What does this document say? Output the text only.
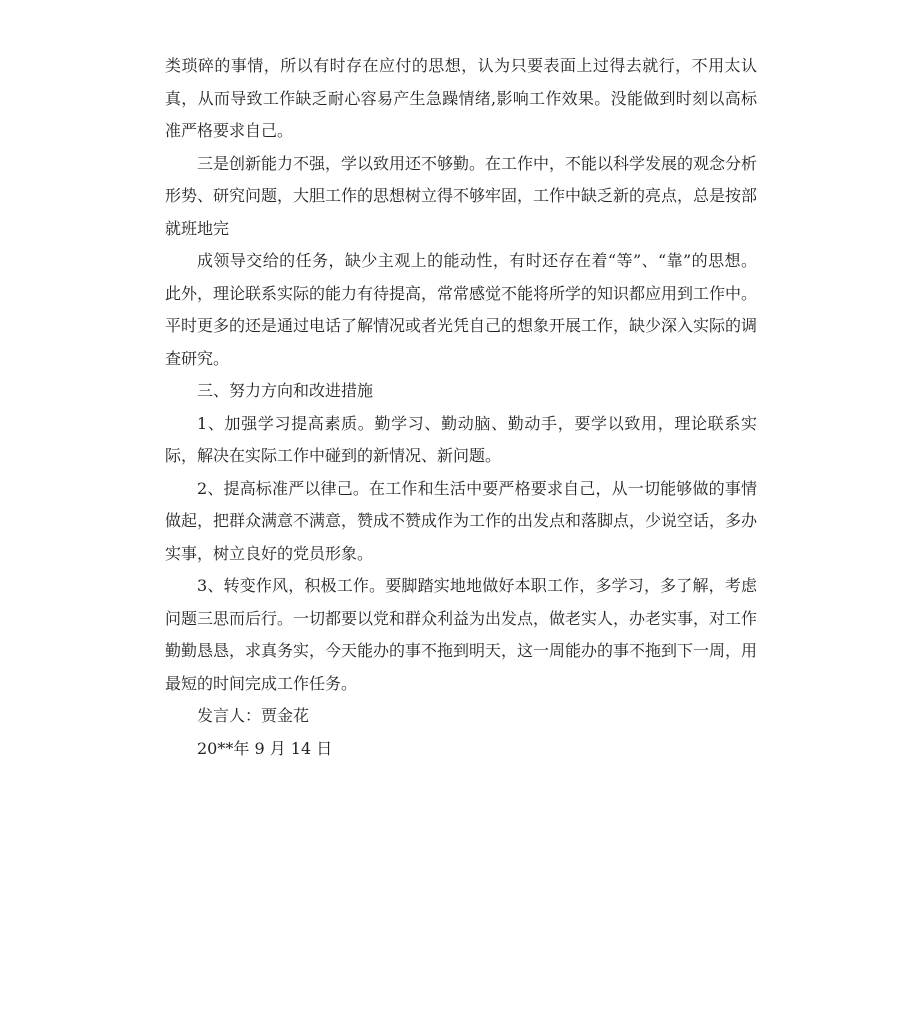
类琐碎的事情，所以有时存在应付的思想，认为只要表面上过得去就行，不用太认真，从而导致工作缺乏耐心容易产生急躁情绪,影响工作效果。没能做到时刻以高标准严格要求自己。

三是创新能力不强，学以致用还不够勤。在工作中，不能以科学发展的观念分析形势、研究问题，大胆工作的思想树立得不够牢固，工作中缺乏新的亮点，总是按部就班地完

成领导交给的任务，缺少主观上的能动性，有时还存在着“等”、“靠”的思想。此外，理论联系实际的能力有待提高，常常感觉不能将所学的知识都应用到工作中。平时更多的还是通过电话了解情况或者光凭自己的想象开展工作，缺少深入实际的调查研究。

三、努力方向和改进措施

1、加强学习提高素质。勤学习、勤动脑、勤动手，要学以致用，理论联系实际，解决在实际工作中碰到的新情况、新问题。

2、提高标准严以律己。在工作和生活中要严格要求自己，从一切能够做的事情做起，把群众满意不满意，赞成不赞成作为工作的出发点和落脚点，少说空话，多办实事，树立良好的党员形象。

3、转变作风，积极工作。要脚踏实地地做好本职工作，多学习，多了解，考虑问题三思而后行。一切都要以党和群众利益为出发点，做老实人，办老实事，对工作勤勤恳恳，求真务实，今天能办的事不拖到明天，这一周能办的事不拖到下一周，用最短的时间完成工作任务。

发言人：贾金花

20**年 9 月 14 日
